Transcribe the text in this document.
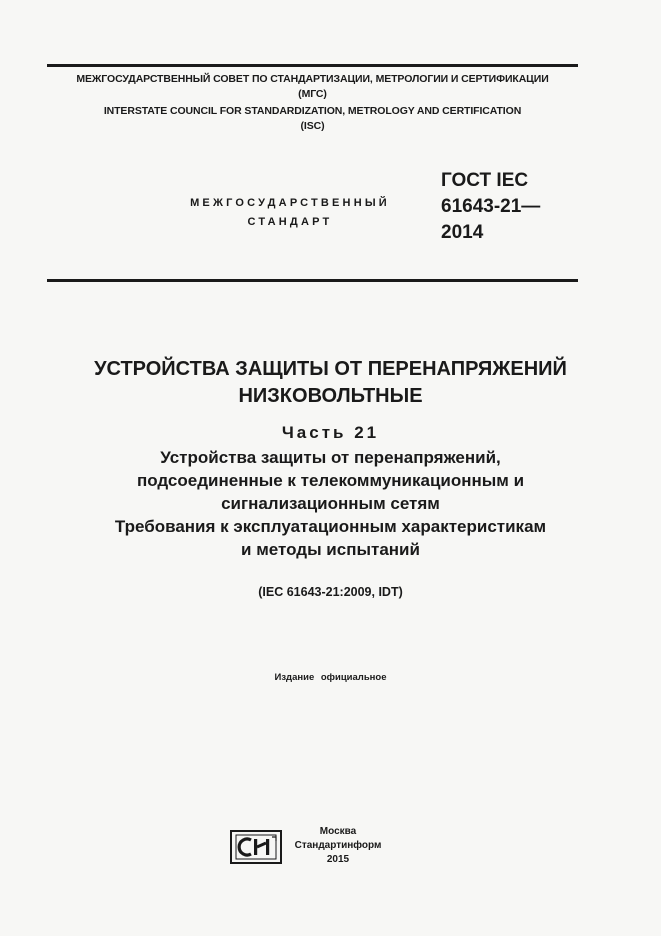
МЕЖГОСУДАРСТВЕННЫЙ СОВЕТ ПО СТАНДАРТИЗАЦИИ, МЕТРОЛОГИИ И СЕРТИФИКАЦИИ
(МГС)
INTERSTATE COUNCIL FOR STANDARDIZATION, METROLOGY AND CERTIFICATION
(ISC)
МЕЖГОСУДАРСТВЕННЫЙ
СТАНДАРТ
ГОСТ IEC
61643-21—
2014
УСТРОЙСТВА ЗАЩИТЫ ОТ ПЕРЕНАПРЯЖЕНИЙ
НИЗКОВОЛЬТНЫЕ
Часть 21
Устройства защиты от перенапряжений,
подсоединенные к телекоммуникационным и
сигнализационным сетям
Требования к эксплуатационным характеристикам
и методы испытаний
(IEC 61643-21:2009, IDT)
Издание официальное
Москва
Стандартинформ
2015
